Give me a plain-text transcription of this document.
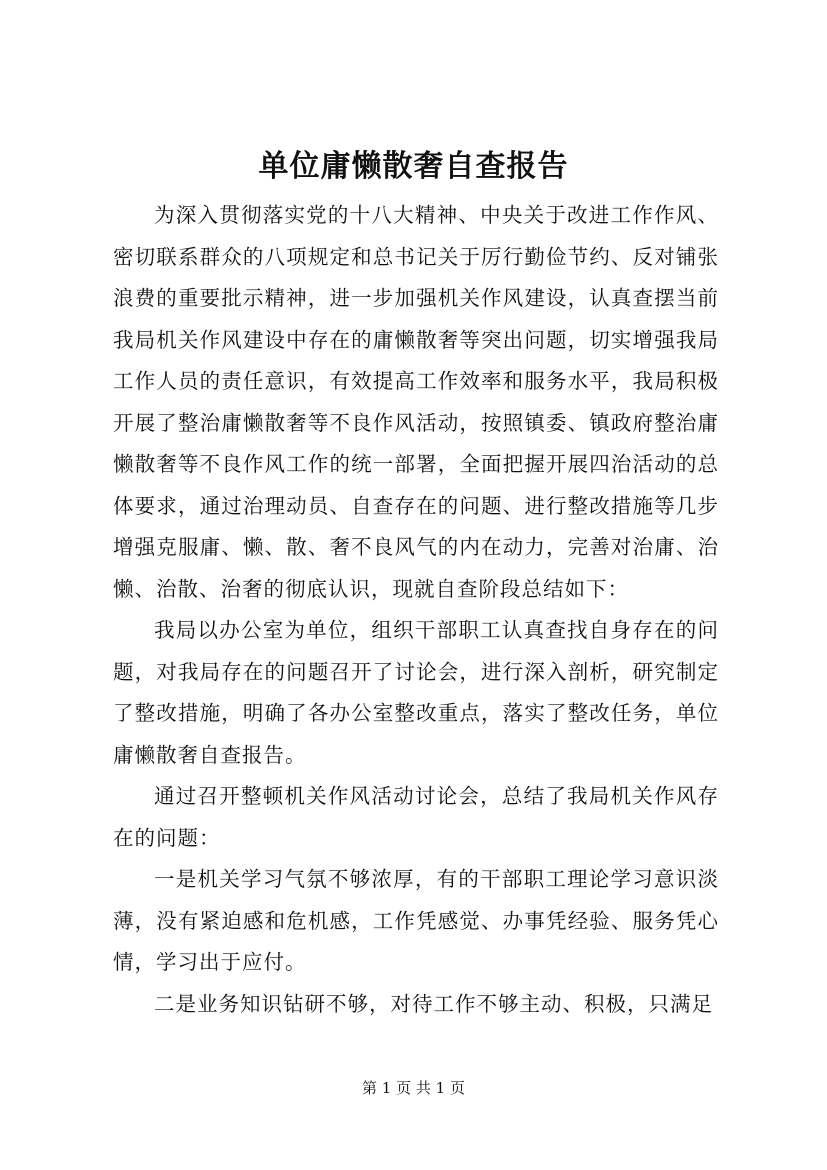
单位庸懒散奢自查报告

为深入贯彻落实党的十八大精神、中央关于改进工作作风、密切联系群众的八项规定和总书记关于厉行勤俭节约、反对铺张浪费的重要批示精神，进一步加强机关作风建设，认真查摆当前我局机关作风建设中存在的庸懒散奢等突出问题，切实增强我局工作人员的责任意识，有效提高工作效率和服务水平，我局积极开展了整治庸懒散奢等不良作风活动，按照镇委、镇政府整治庸懒散奢等不良作风工作的统一部署，全面把握开展四治活动的总体要求，通过治理动员、自查存在的问题、进行整改措施等几步增强克服庸、懒、散、奢不良风气的内在动力，完善对治庸、治懒、治散、治奢的彻底认识，现就自查阶段总结如下：

我局以办公室为单位，组织干部职工认真查找自身存在的问题，对我局存在的问题召开了讨论会，进行深入剖析，研究制定了整改措施，明确了各办公室整改重点，落实了整改任务，单位庸懒散奢自查报告。

通过召开整顿机关作风活动讨论会，总结了我局机关作风存在的问题：

一是机关学习气氛不够浓厚，有的干部职工理论学习意识淡薄，没有紧迫感和危机感，工作凭感觉、办事凭经验、服务凭心情，学习出于应付。

二是业务知识钻研不够，对待工作不够主动、积极，只满足

第 1 页 共 1 页
